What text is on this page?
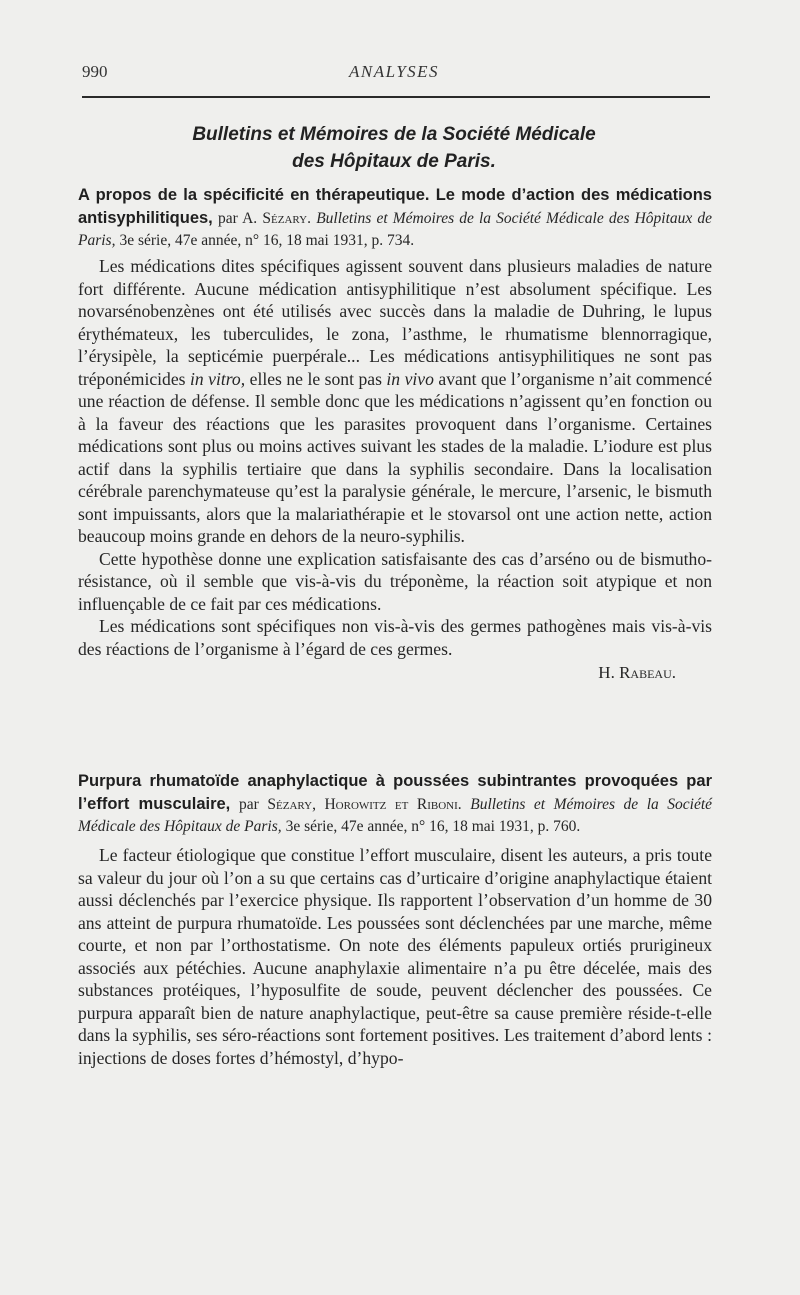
990	ANALYSES
Bulletins et Mémoires de la Société Médicale
des Hôpitaux de Paris.

A propos de la spécificité en thérapeutique. Le mode d’action des médications antisyphilitiques, par A. Sézary. Bulletins et Mémoires de la Société Médicale des Hôpitaux de Paris, 3e série, 47e année, n° 16, 18 mai 1931, p. 734.

Les médications dites spécifiques agissent souvent dans plusieurs maladies de nature fort différente. Aucune médication antisyphilitique n’est absolument spécifique. Les novarsénobenzènes ont été utilisés avec succès dans la maladie de Duhring, le lupus érythémateux, les tuberculides, le zona, l’asthme, le rhumatisme blennorragique, l’érysipèle, la septicémie puerpérale... Les médications antisyphilitiques ne sont pas tréponémicides in vitro, elles ne le sont pas in vivo avant que l’organisme n’ait commencé une réaction de défense. Il semble donc que les médications n’agissent qu’en fonction ou à la faveur des réactions que les parasites provoquent dans l’organisme. Certaines médications sont plus ou moins actives suivant les stades de la maladie. L’iodure est plus actif dans la syphilis tertiaire que dans la syphilis secondaire. Dans la localisation cérébrale parenchymateuse qu’est la paralysie générale, le mercure, l’arsenic, le bismuth sont impuissants, alors que la malariathérapie et le stovarsol ont une action nette, action beaucoup moins grande en dehors de la neuro-syphilis.

Cette hypothèse donne une explication satisfaisante des cas d’arséno ou de bismutho-résistance, où il semble que vis-à-vis du tréponème, la réaction soit atypique et non influençable de ce fait par ces médications.

Les médications sont spécifiques non vis-à-vis des germes pathogènes mais vis-à-vis des réactions de l’organisme à l’égard de ces germes.

H. Rabeau.

Purpura rhumatoïde anaphylactique à poussées subintrantes provoquées par l’effort musculaire, par Sézary, Horowitz et Riboni. Bulletins et Mémoires de la Société Médicale des Hôpitaux de Paris, 3e série, 47e année, n° 16, 18 mai 1931, p. 760.

Le facteur étiologique que constitue l’effort musculaire, disent les auteurs, a pris toute sa valeur du jour où l’on a su que certains cas d’urticaire d’origine anaphylactique étaient aussi déclenchés par l’exercice physique. Ils rapportent l’observation d’un homme de 30 ans atteint de purpura rhumatoïde. Les poussées sont déclenchées par une marche, même courte, et non par l’orthostatisme. On note des éléments papuleux ortiés prurigineux associés aux pétéchies. Aucune anaphylaxie alimentaire n’a pu être décelée, mais des substances protéiques, l’hyposulfite de soude, peuvent déclencher des poussées. Ce purpura apparaît bien de nature anaphylactique, peut-être sa cause première réside-t-elle dans la syphilis, ses séro-réactions sont fortement positives. Les traitement d’abord lents : injections de doses fortes d’hémostyl, d’hypo-
